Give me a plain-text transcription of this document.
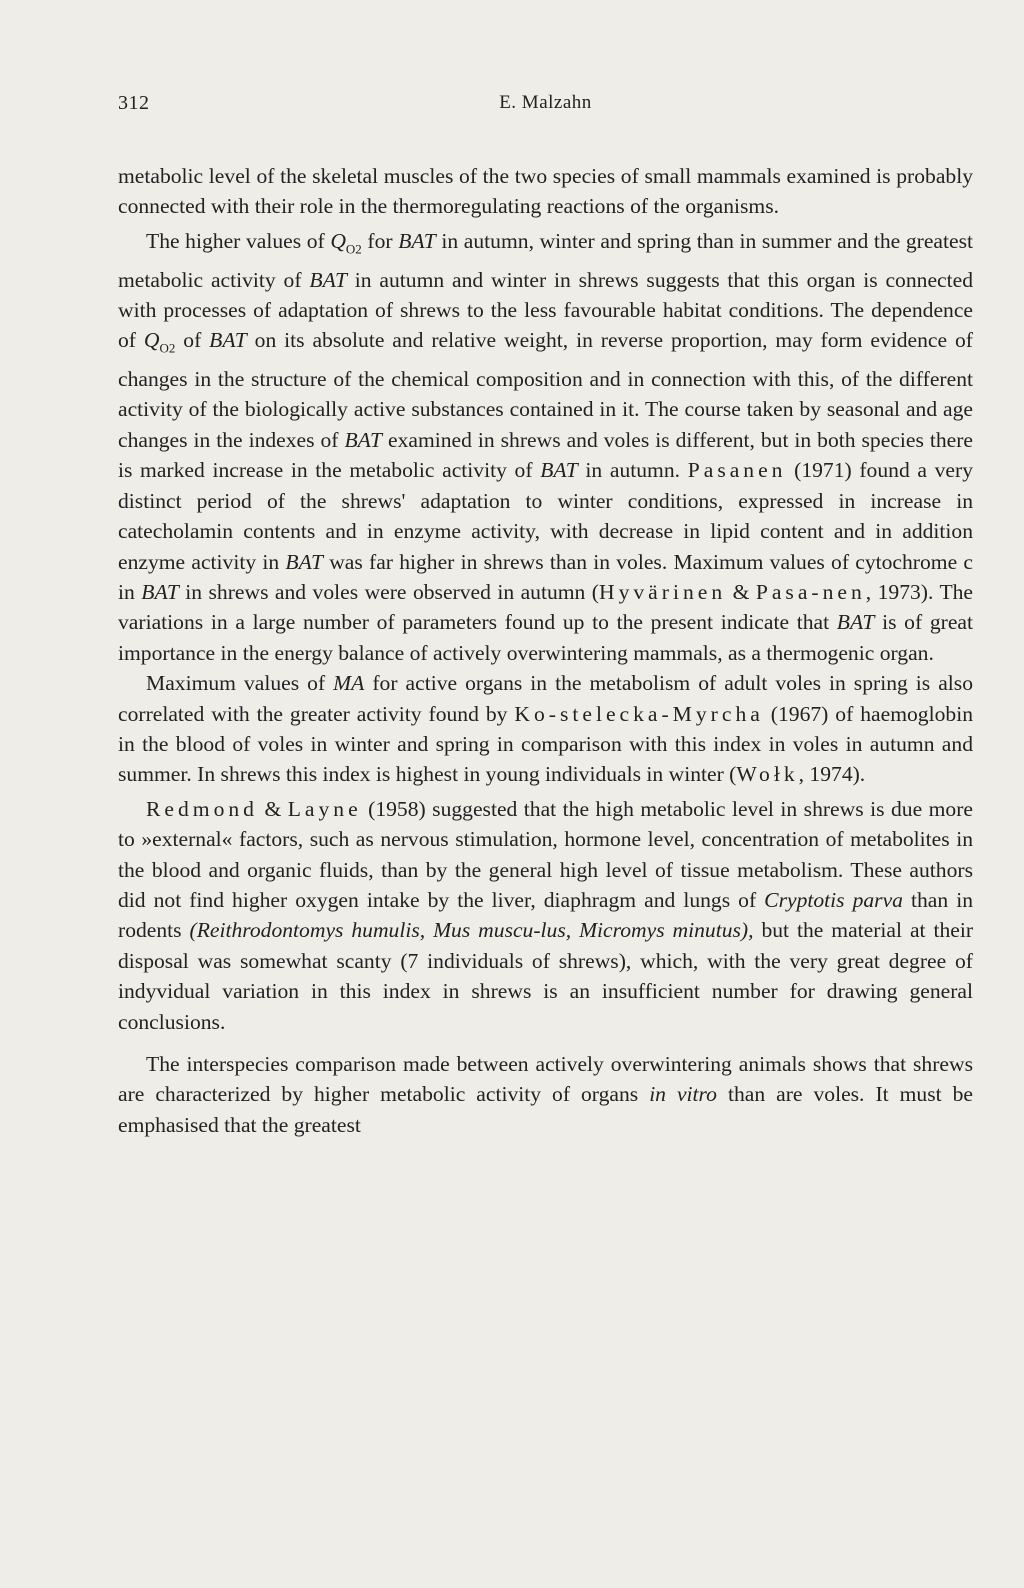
312	E. Malzahn

metabolic level of the skeletal muscles of the two species of small mammals examined is probably connected with their role in the thermoregulating reactions of the organisms.

The higher values of $Q_{O2}$ for BAT in autumn, winter and spring than in summer and the greatest metabolic activity of BAT in autumn and winter in shrews suggests that this organ is connected with processes of adaptation of shrews to the less favourable habitat conditions. The dependence of $Q_{O2}$ of BAT on its absolute and relative weight, in reverse proportion, may form evidence of changes in the structure of the chemical composition and in connection with this, of the different activity of the biologically active substances contained in it. The course taken by seasonal and age changes in the indexes of BAT examined in shrews and voles is different, but in both species there is marked increase in the metabolic activity of BAT in autumn. Pasanen (1971) found a very distinct period of the shrews' adaptation to winter conditions, expressed in increase in catecholamin contents and in enzyme activity, with decrease in lipid content and in addition enzyme activity in BAT was far higher in shrews than in voles. Maximum values of cytochrome c in BAT in shrews and voles were observed in autumn (Hyvärinen & Pasa-nen, 1973). The variations in a large number of parameters found up to the present indicate that BAT is of great importance in the energy balance of actively overwintering mammals, as a thermogenic organ.

Maximum values of MA for active organs in the metabolism of adult voles in spring is also correlated with the greater activity found by Ko-stelecka-Myrcha (1967) of haemoglobin in the blood of voles in winter and spring in comparison with this index in voles in autumn and summer. In shrews this index is highest in young individuals in winter (Wołk, 1974).

Redmond & Layne (1958) suggested that the high metabolic level in shrews is due more to »external« factors, such as nervous stimulation, hormone level, concentration of metabolites in the blood and organic fluids, than by the general high level of tissue metabolism. These authors did not find higher oxygen intake by the liver, diaphragm and lungs of Cryptotis parva than in rodents (Reithrodontomys humulis, Mus muscu-lus, Micromys minutus), but the material at their disposal was somewhat scanty (7 individuals of shrews), which, with the very great degree of indyvidual variation in this index in shrews is an insufficient number for drawing general conclusions.

The interspecies comparison made between actively overwintering animals shows that shrews are characterized by higher metabolic activity of organs in vitro than are voles. It must be emphasised that the greatest
